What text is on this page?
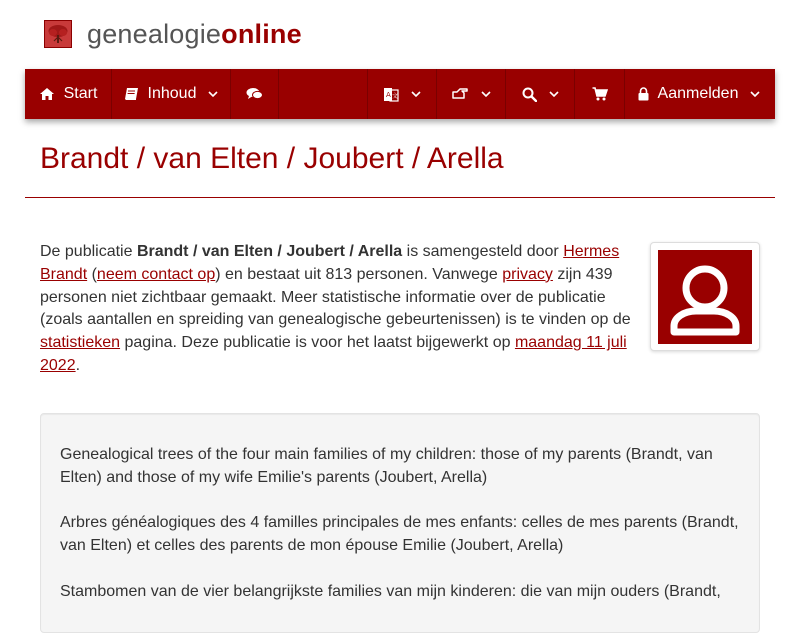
genealogieonline
Start	Inhoud	A 文	Aanmelden
Brandt / van Elten / Joubert / Arella
De publicatie Brandt / van Elten / Joubert / Arella is samengesteld door Hermes Brandt (neem contact op) en bestaat uit 813 personen. Vanwege privacy zijn 439 personen niet zichtbaar gemaakt. Meer statistische informatie over de publicatie (zoals aantallen en spreiding van genealogische gebeurtenissen) is te vinden op de statistieken pagina. Deze publicatie is voor het laatst bijgewerkt op maandag 11 juli 2022.

Genealogical trees of the four main families of my children: those of my parents (Brandt, van Elten) and those of my wife Emilie's parents (Joubert, Arella)

Arbres généalogiques des 4 familles principales de mes enfants: celles de mes parents (Brandt, van Elten) et celles des parents de mon épouse Emilie (Joubert, Arella)

Stambomen van de vier belangrijkste families van mijn kinderen: die van mijn ouders (Brandt,
